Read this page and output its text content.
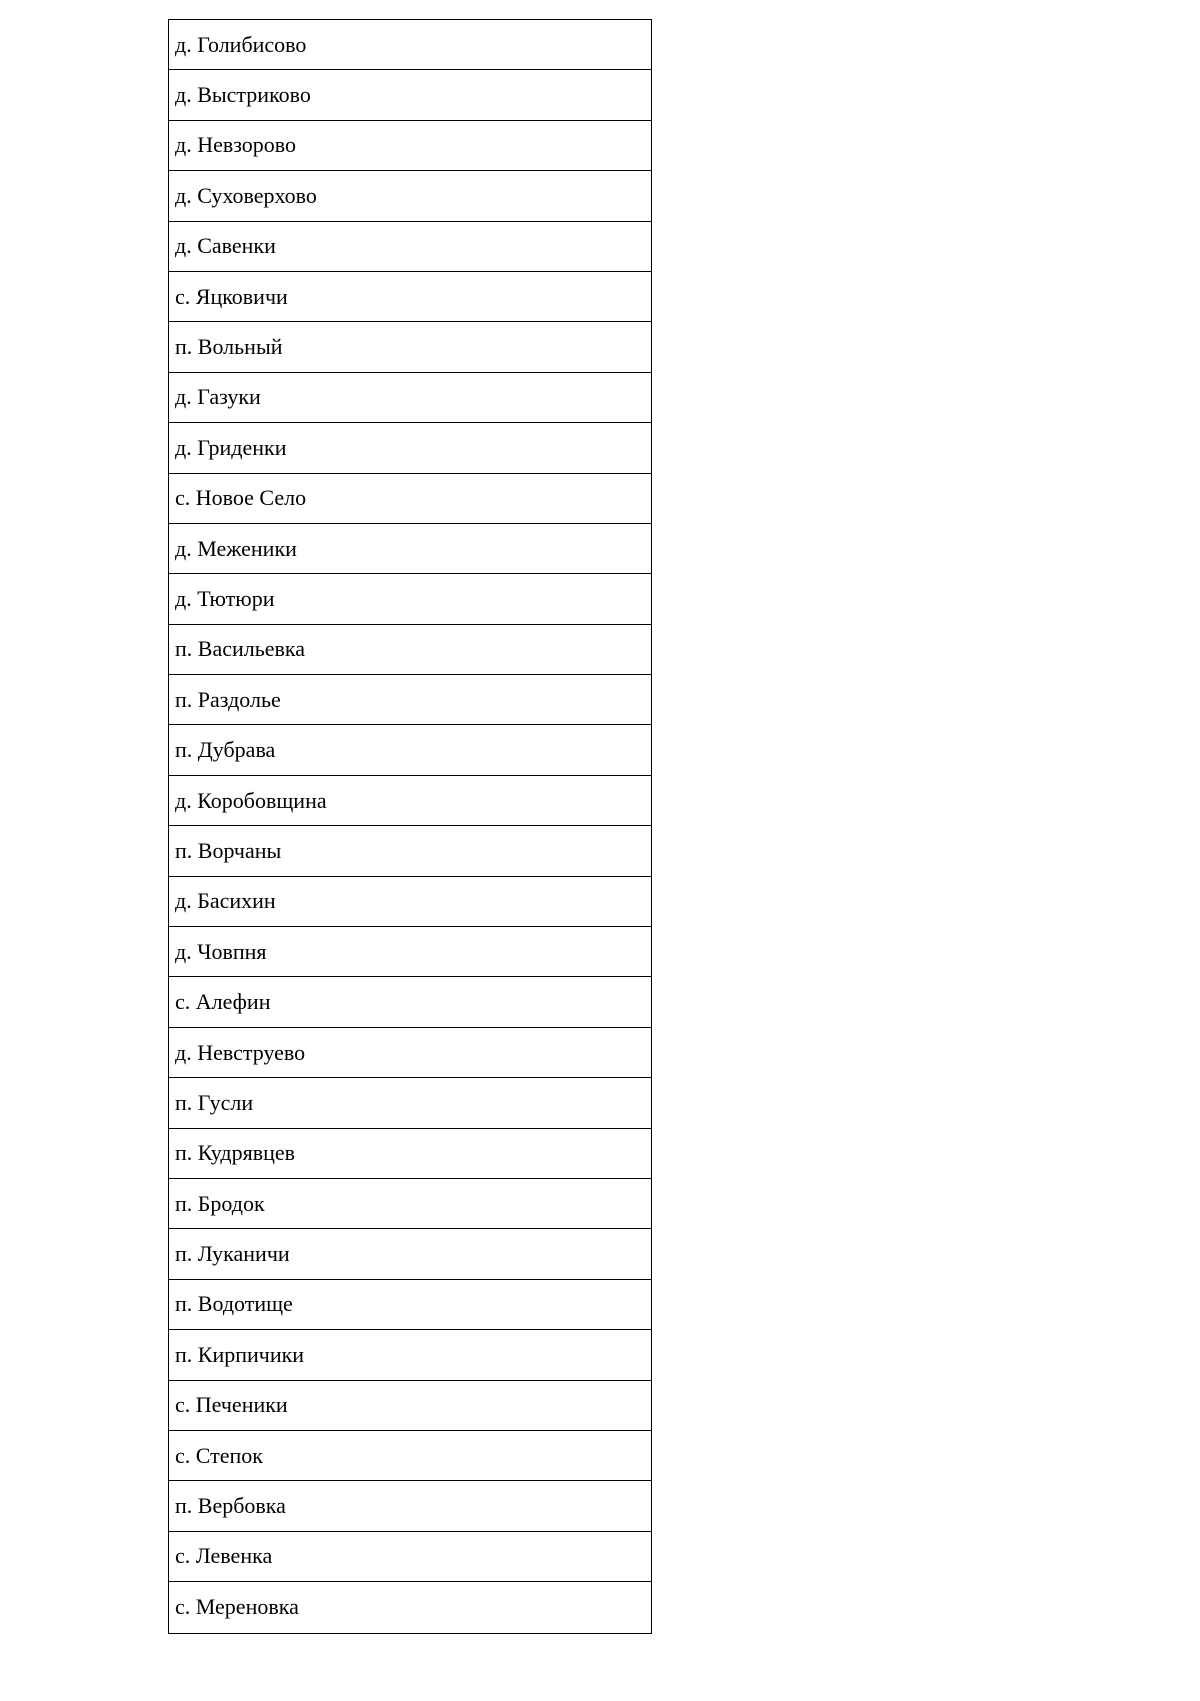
д. Голибисово
д. Выстриково
д. Невзорово
д. Суховерхово
д. Савенки
с. Яцковичи
п. Вольный
д. Газуки
д. Гриденки
с. Новое Село
д. Меженики
д. Тютюри
п. Васильевка
п. Раздолье
п. Дубрава
д. Коробовщина
п. Ворчаны
д. Басихин
д. Човпня
с. Алефин
д. Невструево
п. Гусли
п. Кудрявцев
п. Бродок
п. Луканичи
п. Водотище
п. Кирпичики
с. Печеники
с. Степок
п. Вербовка
с. Левенка
с. Мереновка
